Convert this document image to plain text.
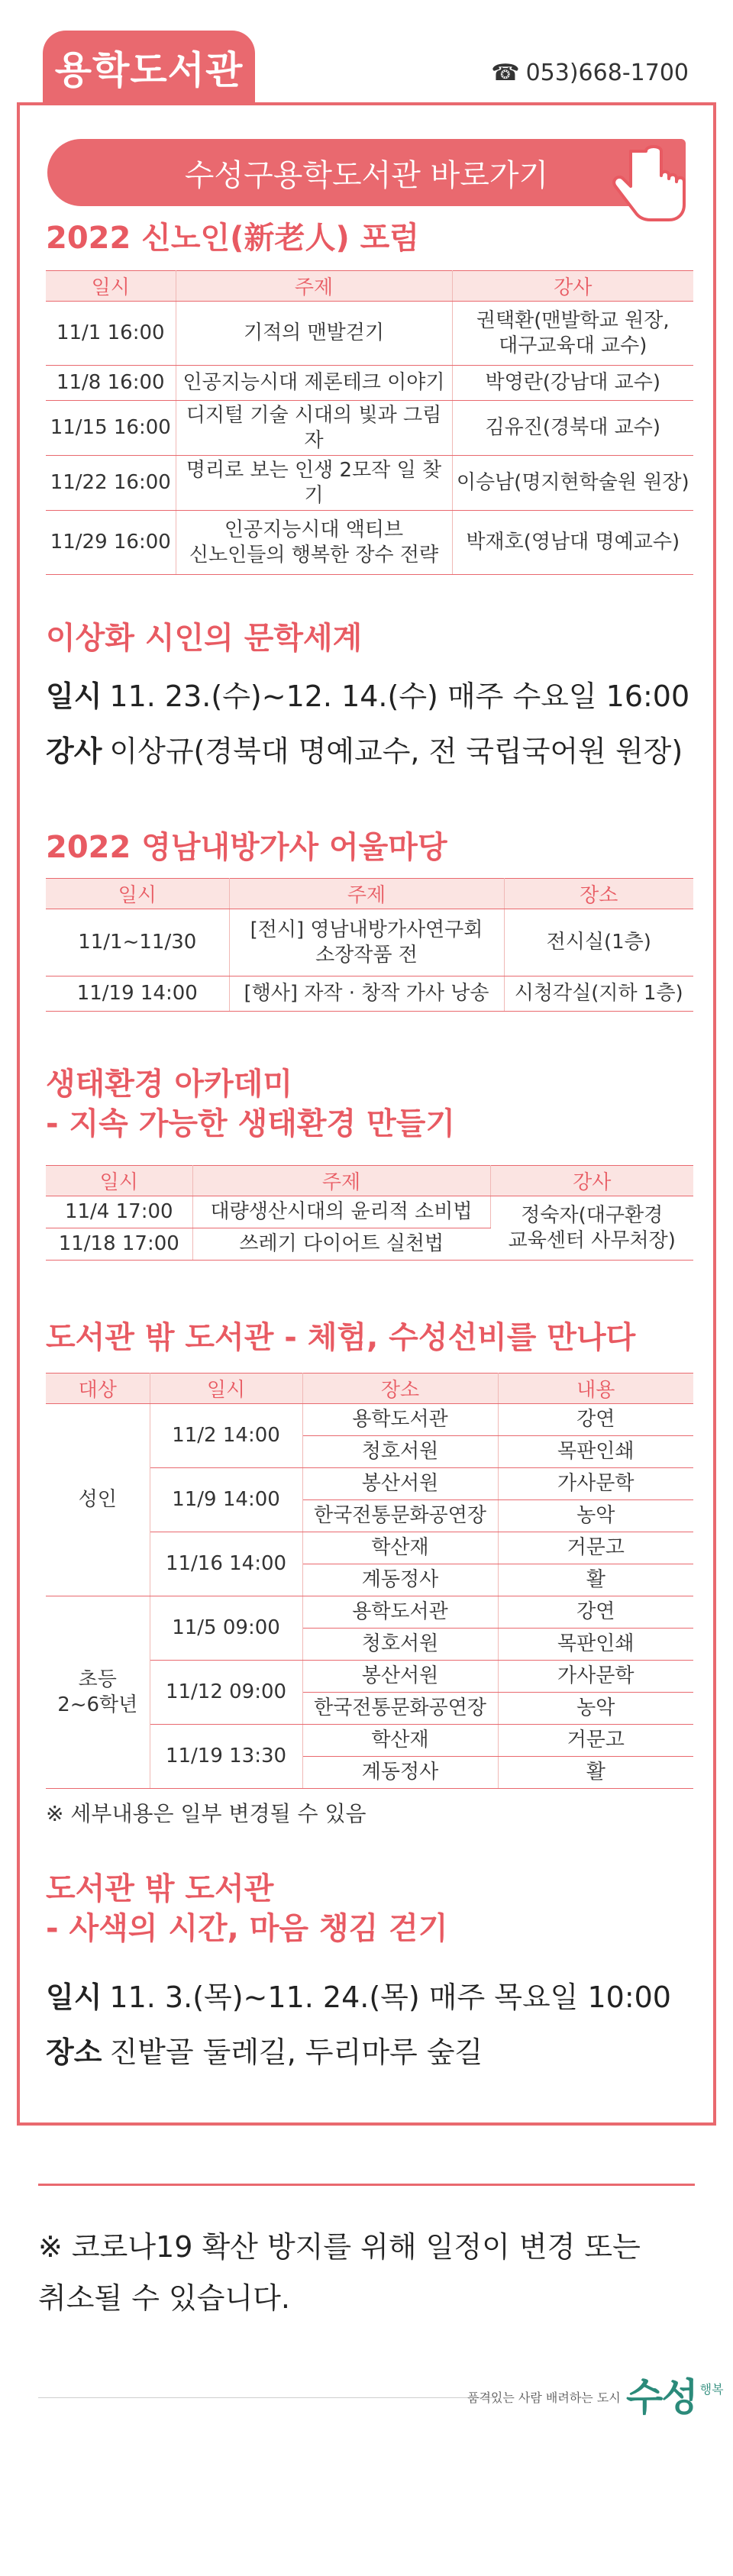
용학도서관	☎ 053)668-1700
수성구용학도서관 바로가기
2022 신노인(新老人) 포럼
일시	주제	강사
11/1 16:00	기적의 맨발걷기	권택환(맨발학교 원장,
대구교육대 교수)
11/8 16:00	인공지능시대 제론테크 이야기	박영란(강남대 교수)
11/15 16:00	디지털 기술 시대의 빛과 그림자	김유진(경북대 교수)
11/22 16:00	명리로 보는 인생 2모작 일 찾기	이승남(명지현학술원 원장)
11/29 16:00	인공지능시대 액티브
신노인들의 행복한 장수 전략	박재호(영남대 명예교수)
이상화 시인의 문학세계
일시 11. 23.(수)~12. 14.(수) 매주 수요일 16:00
강사 이상규(경북대 명예교수, 전 국립국어원 원장)
2022 영남내방가사 어울마당
일시	주제	장소
11/1~11/30	[전시] 영남내방가사연구회
소장작품 전	전시실(1층)
11/19 14:00	[행사] 자작 · 창작 가사 낭송	시청각실(지하 1층)
생태환경 아카데미
- 지속 가능한 생태환경 만들기
일시	주제	강사
11/4 17:00	대량생산시대의 윤리적 소비법	정숙자(대구환경
교육센터 사무처장)
11/18 17:00	쓰레기 다이어트 실천법	
도서관 밖 도서관 - 체험, 수성선비를 만나다
대상	일시	장소	내용
성인	11/2 14:00	용학도서관	강연
		청호서원	목판인쇄
	11/9 14:00	봉산서원	가사문학
		한국전통문화공연장	농악
	11/16 14:00	학산재	거문고
		계동정사	활
초등
2~6학년	11/5 09:00	용학도서관	강연
		청호서원	목판인쇄
	11/12 09:00	봉산서원	가사문학
		한국전통문화공연장	농악
	11/19 13:30	학산재	거문고
		계동정사	활
※ 세부내용은 일부 변경될 수 있음
도서관 밖 도서관
- 사색의 시간, 마음 챙김 걷기
일시 11. 3.(목)~11. 24.(목) 매주 목요일 10:00
장소 진밭골 둘레길, 두리마루 숲길
※ 코로나19 확산 방지를 위해 일정이 변경 또는
취소될 수 있습니다.
품격있는 사람 배려하는 도시 수성 행복
